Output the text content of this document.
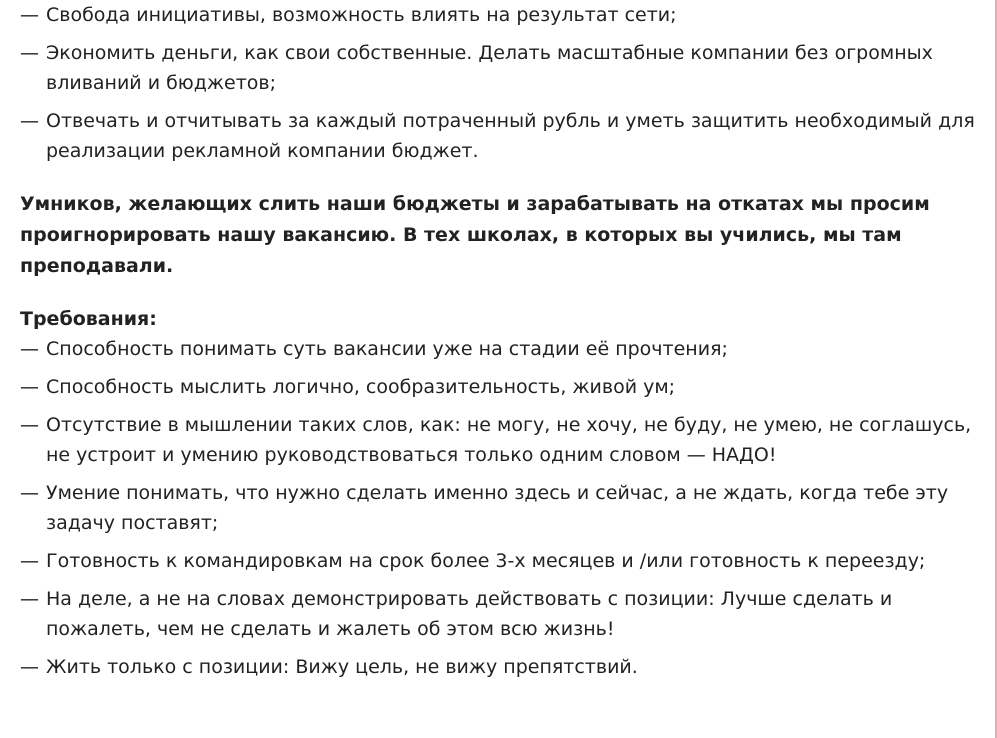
— Свобода инициативы, возможность влиять на результат сети;
— Экономить деньги, как свои собственные. Делать масштабные компании без огромных вливаний и бюджетов;
— Отвечать и отчитывать за каждый потраченный рубль и уметь защитить необходимый для реализации рекламной компании бюджет.

Умников, желающих слить наши бюджеты и зарабатывать на откатах мы просим проигнорировать нашу вакансию. В тех школах, в которых вы учились, мы там преподавали.

Требования:

— Способность понимать суть вакансии уже на стадии её прочтения;
— Способность мыслить логично, сообразительность, живой ум;
— Отсутствие в мышлении таких слов, как: не могу, не хочу, не буду, не умею, не соглашусь, не устроит и умению руководствоваться только одним словом — НАДО!
— Умение понимать, что нужно сделать именно здесь и сейчас, а не ждать, когда тебе эту задачу поставят;
— Готовность к командировкам на срок более 3-х месяцев и /или готовность к переезду;
— На деле, а не на словах демонстрировать действовать с позиции: Лучше сделать и пожалеть, чем не сделать и жалеть об этом всю жизнь!
— Жить только с позиции: Вижу цель, не вижу препятствий.
